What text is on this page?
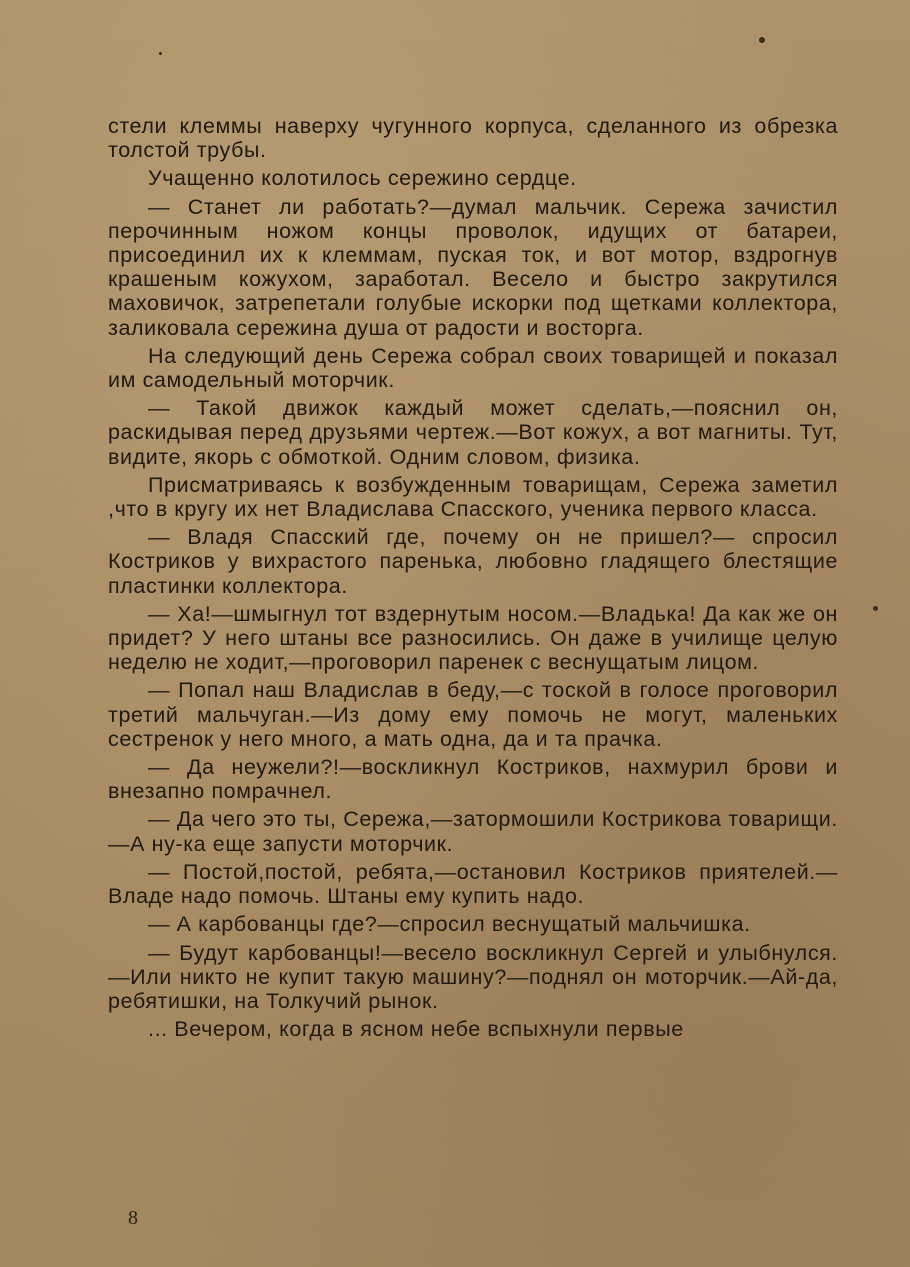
стели клеммы наверху чугунного корпуса, сделанного из обрезка толстой трубы.

Учащенно колотилось сережино сердце.

— Станет ли работать?—думал мальчик. Сережа зачистил перочинным ножом концы проволок, идущих от батареи, присоединил их к клеммам, пуская ток, и вот мотор, вздрогнув крашеным кожухом, заработал. Весело и быстро закрутился маховичок, затрепетали голубые искорки под щетками коллектора, заликовала сережина душа от радости и восторга.

На следующий день Сережа собрал своих товарищей и показал им самодельный моторчик.

— Такой движок каждый может сделать,—пояснил он, раскидывая перед друзьями чертеж.—Вот кожух, а вот магниты. Тут, видите, якорь с обмоткой. Одним словом, физика.

Присматриваясь к возбужденным товарищам, Сережа заметил ,что в кругу их нет Владислава Спасского, ученика первого класса.

— Владя Спасский где, почему он не пришел?— спросил Костриков у вихрастого паренька, любовно гладящего блестящие пластинки коллектора.

— Ха!—шмыгнул тот вздернутым носом.—Владька! Да как же он придет? У него штаны все разносились. Он даже в училище целую неделю не ходит,—проговорил паренек с веснущатым лицом.

— Попал наш Владислав в беду,—с тоской в голосе проговорил третий мальчуган.—Из дому ему помочь не могут, маленьких сестренок у него много, а мать одна, да и та прачка.

— Да неужели?!—воскликнул Костриков, нахмурил брови и внезапно помрачнел.

— Да чего это ты, Сережа,—затормошили Кострикова товарищи.—А ну-ка еще запусти моторчик.

— Постой,постой, ребята,—остановил Костриков приятелей.—Владе надо помочь. Штаны ему купить надо.

— А карбованцы где?—спросил веснущатый мальчишка.

— Будут карбованцы!—весело воскликнул Сергей и улыбнулся.—Или никто не купит такую машину?—поднял он моторчик.—Ай-да, ребятишки, на Толкучий рынок.

... Вечером, когда в ясном небе вспыхнули первые

8
